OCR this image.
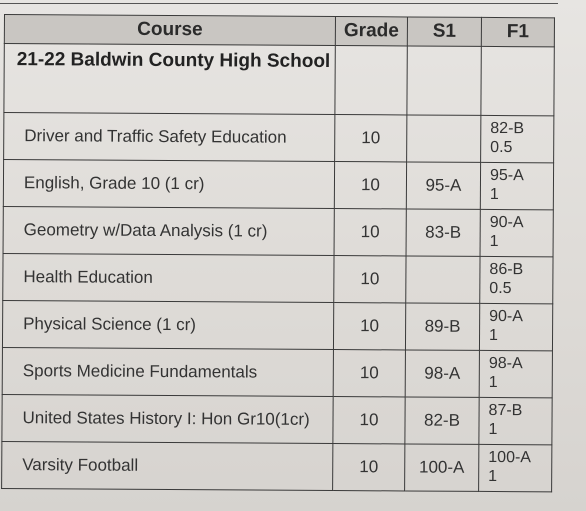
Course	Grade	S1	F1
21-22 Baldwin County High School			
Driver and Traffic Safety Education	10		82-B
0.5

English, Grade 10 (1 cr)	10	95-A	95-A
1

Geometry w/Data Analysis (1 cr)	10	83-B	90-A
1

Health Education	10		86-B
0.5

Physical Science (1 cr)	10	89-B	90-A
1

Sports Medicine Fundamentals	10	98-A	98-A
1

United States History I: Hon Gr10(1cr)	10	82-B	87-B
1

Varsity Football	10	100-A	100-A
1
